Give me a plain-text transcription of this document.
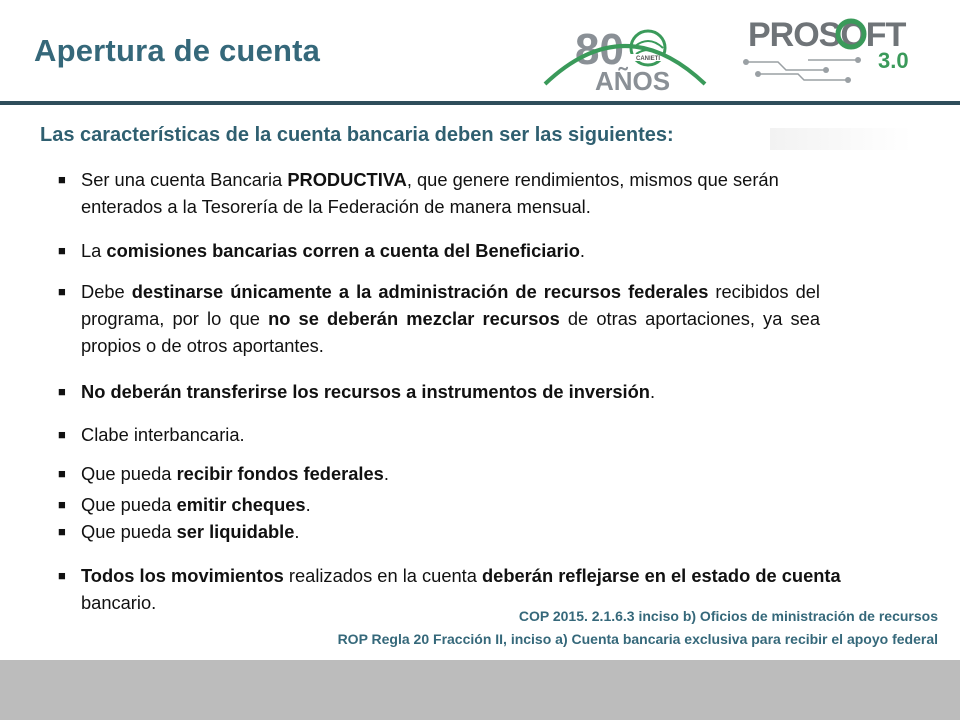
Apertura de cuenta	80 CANIETI
AÑOS
PROSOFT
3.0
Las características de la cuenta bancaria deben ser las siguientes:
■ Ser una cuenta Bancaria PRODUCTIVA, que genere rendimientos, mismos que serán enterados a la Tesorería de la Federación de manera mensual.
■ La comisiones bancarias corren a cuenta del Beneficiario.
■ Debe destinarse únicamente a la administración de recursos federales recibidos del programa, por lo que no se deberán mezclar recursos de otras aportaciones, ya sea propios o de otros aportantes.
■ No deberán transferirse los recursos a instrumentos de inversión.
■ Clabe interbancaria.
■ Que pueda recibir fondos federales.
■ Que pueda emitir cheques.
■ Que pueda ser liquidable.
■ Todos los movimientos realizados en la cuenta deberán reflejarse en el estado de cuenta bancario.
COP 2015. 2.1.6.3 inciso b) Oficios de ministración de recursos
ROP Regla 20 Fracción II, inciso a) Cuenta bancaria exclusiva para recibir el apoyo federal
